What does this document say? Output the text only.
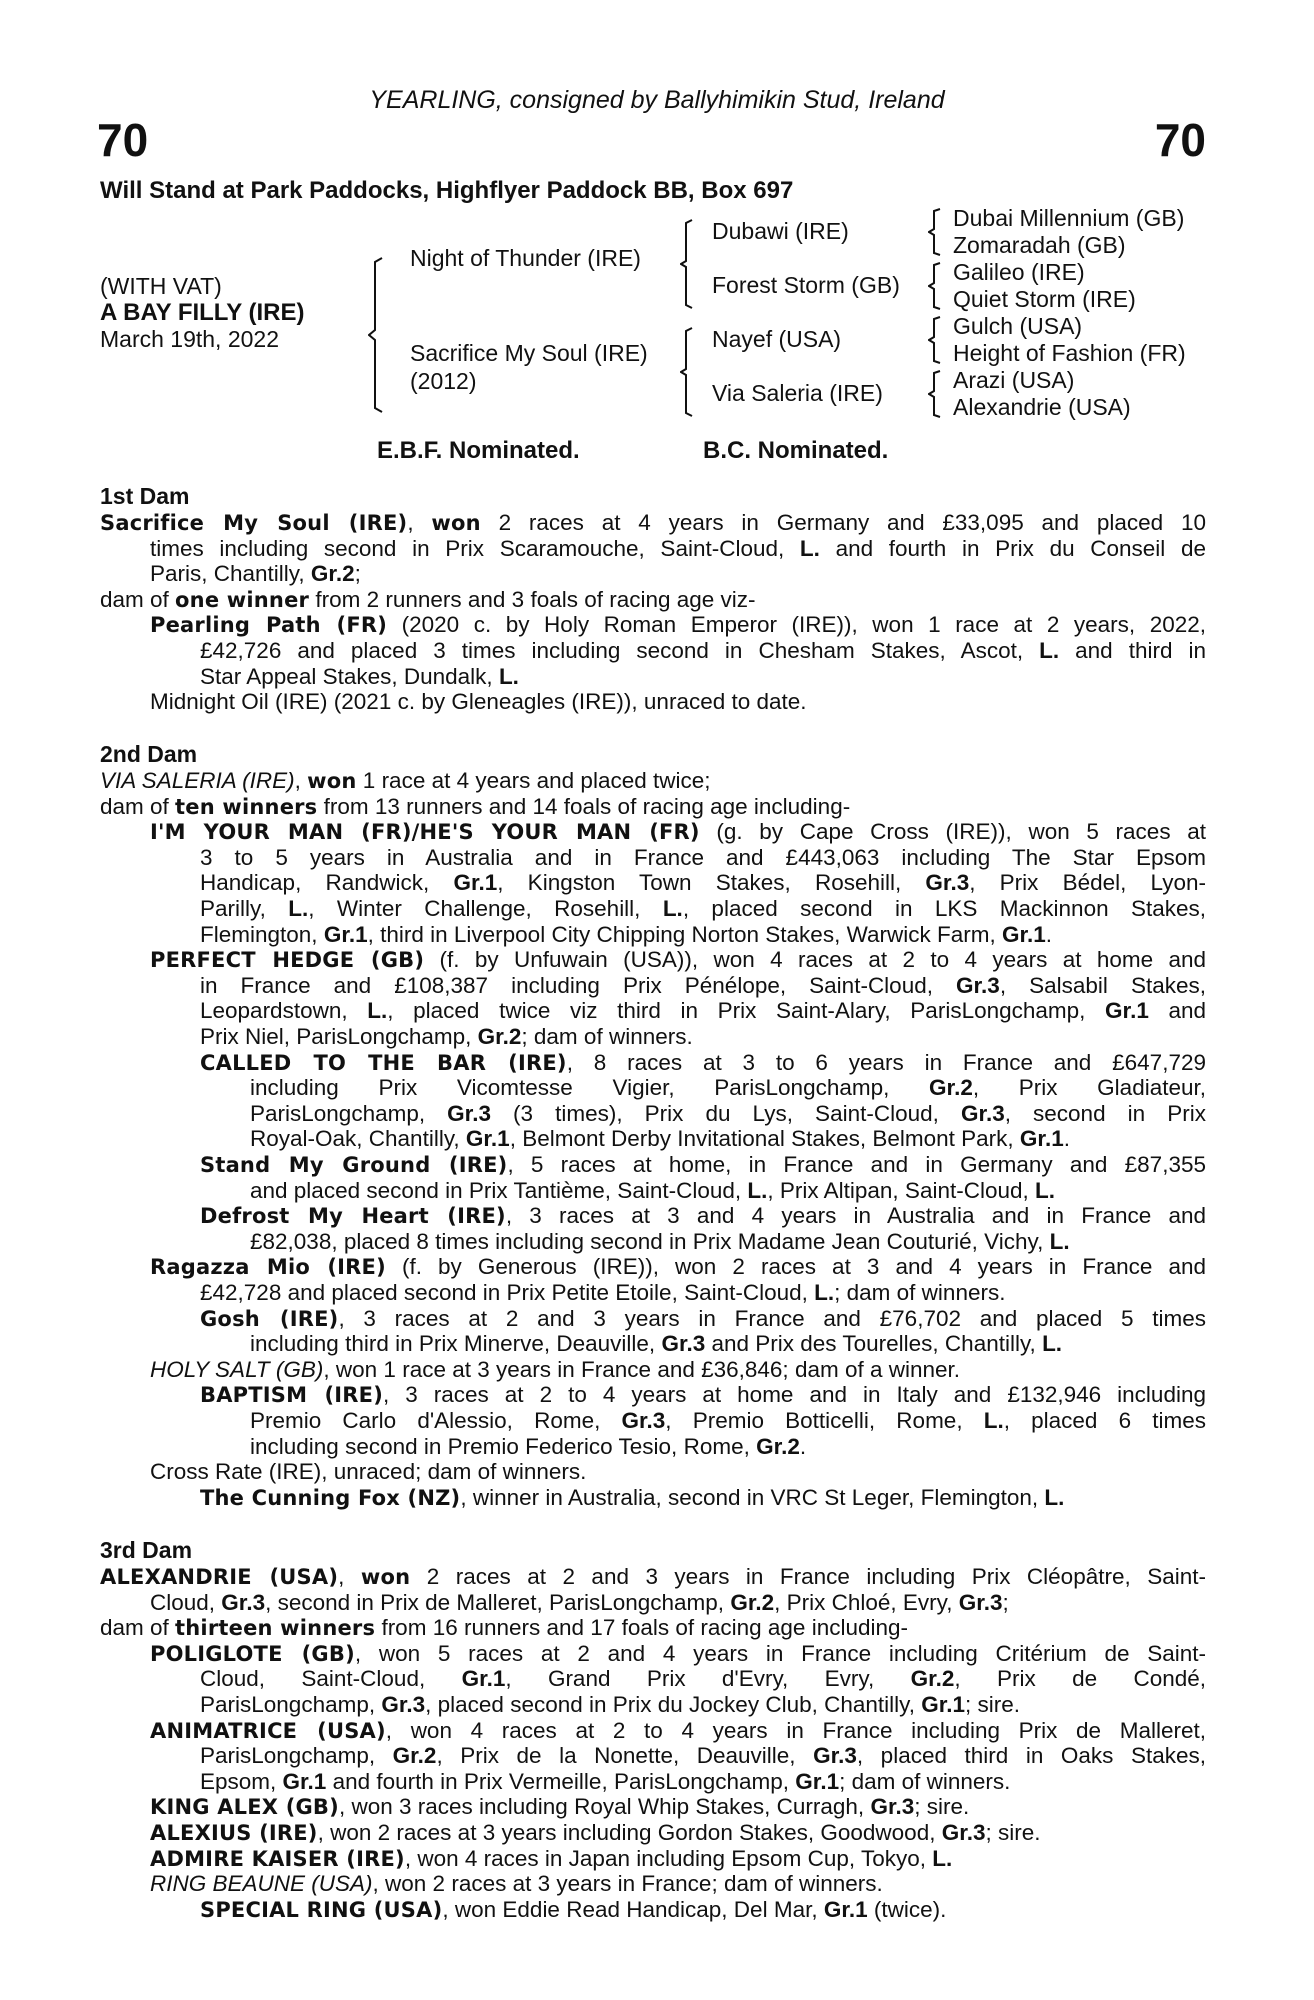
70	70
YEARLING, consigned by Ballyhimikin Stud, Ireland
Will Stand at Park Paddocks, Highflyer Paddock BB, Box 697
(WITH VAT)
A BAY FILLY (IRE)
March 19th, 2022
Night of Thunder (IRE)
Sacrifice My Soul (IRE)
(2012)
Dubawi (IRE)
Forest Storm (GB)
Nayef (USA)
Via Saleria (IRE)
Dubai Millennium (GB)
Zomaradah (GB)
Galileo (IRE)
Quiet Storm (IRE)
Gulch (USA)
Height of Fashion (FR)
Arazi (USA)
Alexandrie (USA)
E.B.F. Nominated.	B.C. Nominated.
1st Dam
Sacrifice My Soul (IRE), won 2 races at 4 years in Germany and £33,095 and placed 10
times including second in Prix Scaramouche, Saint-Cloud, L. and fourth in Prix du Conseil de
Paris, Chantilly, Gr.2;
dam of one winner from 2 runners and 3 foals of racing age viz-
Pearling Path (FR) (2020 c. by Holy Roman Emperor (IRE)), won 1 race at 2 years, 2022,
£42,726 and placed 3 times including second in Chesham Stakes, Ascot, L. and third in
Star Appeal Stakes, Dundalk, L.
Midnight Oil (IRE) (2021 c. by Gleneagles (IRE)), unraced to date.
2nd Dam
VIA SALERIA (IRE), won 1 race at 4 years and placed twice;
dam of ten winners from 13 runners and 14 foals of racing age including-
I'M YOUR MAN (FR)/HE'S YOUR MAN (FR) (g. by Cape Cross (IRE)), won 5 races at
3 to 5 years in Australia and in France and £443,063 including The Star Epsom
Handicap, Randwick, Gr.1, Kingston Town Stakes, Rosehill, Gr.3, Prix Bédel, Lyon-
Parilly, L., Winter Challenge, Rosehill, L., placed second in LKS Mackinnon Stakes,
Flemington, Gr.1, third in Liverpool City Chipping Norton Stakes, Warwick Farm, Gr.1.
PERFECT HEDGE (GB) (f. by Unfuwain (USA)), won 4 races at 2 to 4 years at home and
in France and £108,387 including Prix Pénélope, Saint-Cloud, Gr.3, Salsabil Stakes,
Leopardstown, L., placed twice viz third in Prix Saint-Alary, ParisLongchamp, Gr.1 and
Prix Niel, ParisLongchamp, Gr.2; dam of winners.
CALLED TO THE BAR (IRE), 8 races at 3 to 6 years in France and £647,729
including Prix Vicomtesse Vigier, ParisLongchamp, Gr.2, Prix Gladiateur,
ParisLongchamp, Gr.3 (3 times), Prix du Lys, Saint-Cloud, Gr.3, second in Prix
Royal-Oak, Chantilly, Gr.1, Belmont Derby Invitational Stakes, Belmont Park, Gr.1.
Stand My Ground (IRE), 5 races at home, in France and in Germany and £87,355
and placed second in Prix Tantième, Saint-Cloud, L., Prix Altipan, Saint-Cloud, L.
Defrost My Heart (IRE), 3 races at 3 and 4 years in Australia and in France and
£82,038, placed 8 times including second in Prix Madame Jean Couturié, Vichy, L.
Ragazza Mio (IRE) (f. by Generous (IRE)), won 2 races at 3 and 4 years in France and
£42,728 and placed second in Prix Petite Etoile, Saint-Cloud, L.; dam of winners.
Gosh (IRE), 3 races at 2 and 3 years in France and £76,702 and placed 5 times
including third in Prix Minerve, Deauville, Gr.3 and Prix des Tourelles, Chantilly, L.
HOLY SALT (GB), won 1 race at 3 years in France and £36,846; dam of a winner.
BAPTISM (IRE), 3 races at 2 to 4 years at home and in Italy and £132,946 including
Premio Carlo d'Alessio, Rome, Gr.3, Premio Botticelli, Rome, L., placed 6 times
including second in Premio Federico Tesio, Rome, Gr.2.
Cross Rate (IRE), unraced; dam of winners.
The Cunning Fox (NZ), winner in Australia, second in VRC St Leger, Flemington, L.
3rd Dam
ALEXANDRIE (USA), won 2 races at 2 and 3 years in France including Prix Cléopâtre, Saint-
Cloud, Gr.3, second in Prix de Malleret, ParisLongchamp, Gr.2, Prix Chloé, Evry, Gr.3;
dam of thirteen winners from 16 runners and 17 foals of racing age including-
POLIGLOTE (GB), won 5 races at 2 and 4 years in France including Critérium de Saint-
Cloud, Saint-Cloud, Gr.1, Grand Prix d'Evry, Evry, Gr.2, Prix de Condé,
ParisLongchamp, Gr.3, placed second in Prix du Jockey Club, Chantilly, Gr.1; sire.
ANIMATRICE (USA), won 4 races at 2 to 4 years in France including Prix de Malleret,
ParisLongchamp, Gr.2, Prix de la Nonette, Deauville, Gr.3, placed third in Oaks Stakes,
Epsom, Gr.1 and fourth in Prix Vermeille, ParisLongchamp, Gr.1; dam of winners.
KING ALEX (GB), won 3 races including Royal Whip Stakes, Curragh, Gr.3; sire.
ALEXIUS (IRE), won 2 races at 3 years including Gordon Stakes, Goodwood, Gr.3; sire.
ADMIRE KAISER (IRE), won 4 races in Japan including Epsom Cup, Tokyo, L.
RING BEAUNE (USA), won 2 races at 3 years in France; dam of winners.
SPECIAL RING (USA), won Eddie Read Handicap, Del Mar, Gr.1 (twice).
